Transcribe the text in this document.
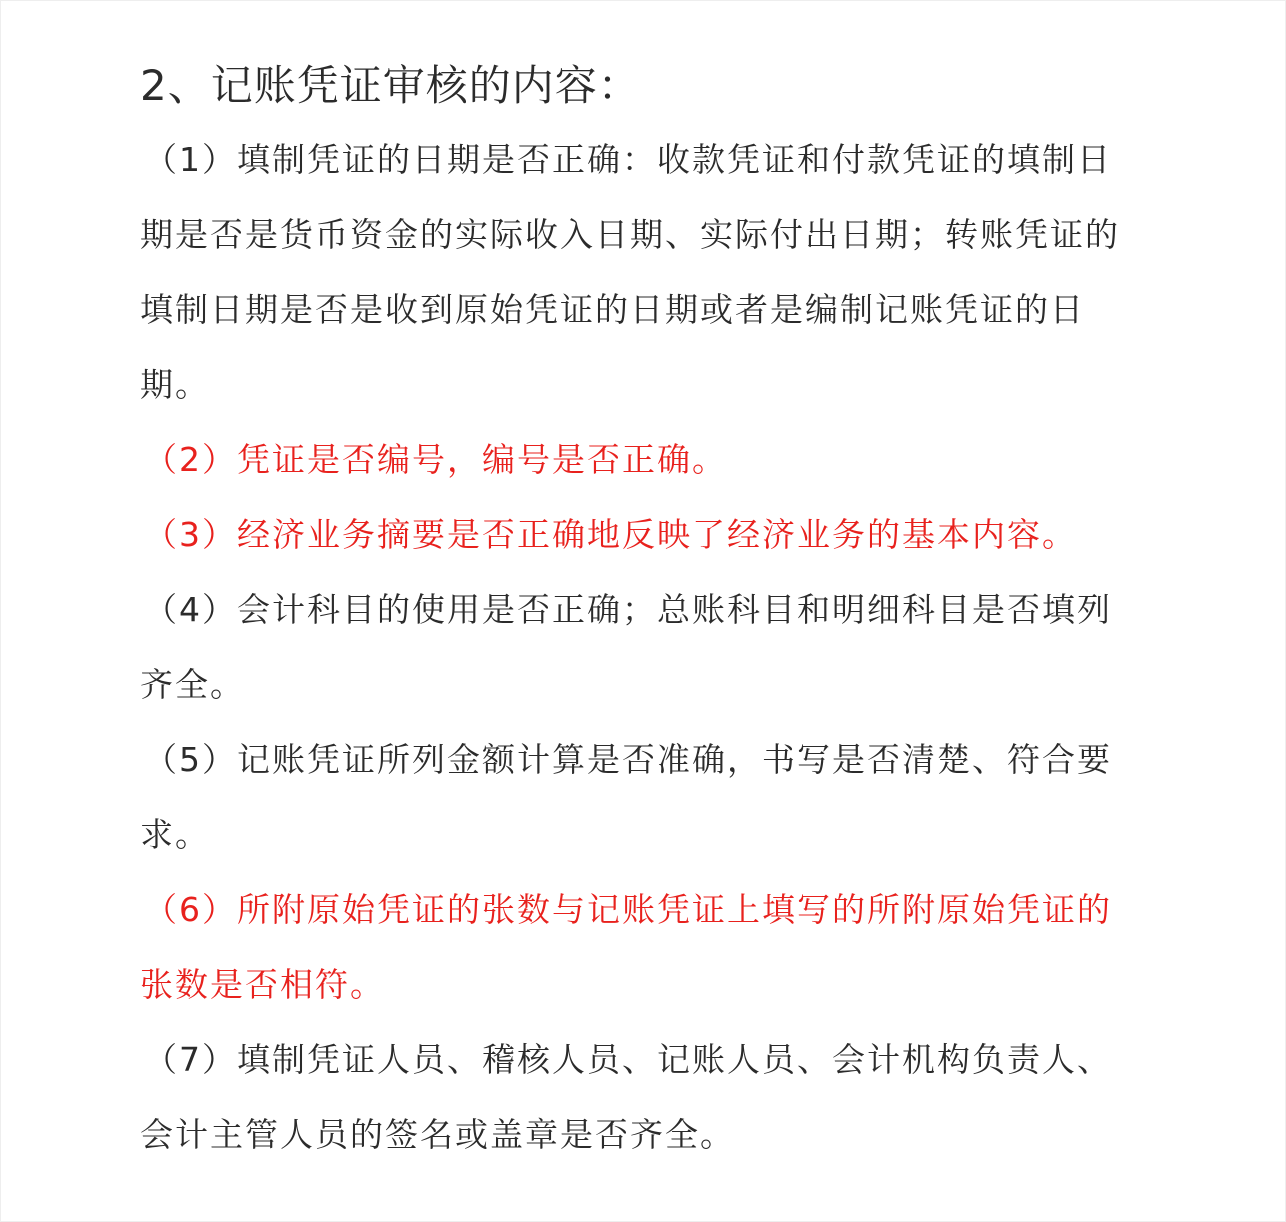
2、记账凭证审核的内容：
（1）填制凭证的日期是否正确：收款凭证和付款凭证的填制日
期是否是货币资金的实际收入日期、实际付出日期；转账凭证的
填制日期是否是收到原始凭证的日期或者是编制记账凭证的日
期。
（2）凭证是否编号，编号是否正确。
（3）经济业务摘要是否正确地反映了经济业务的基本内容。
（4）会计科目的使用是否正确；总账科目和明细科目是否填列
齐全。
（5）记账凭证所列金额计算是否准确，书写是否清楚、符合要
求。
（6）所附原始凭证的张数与记账凭证上填写的所附原始凭证的
张数是否相符。
（7）填制凭证人员、稽核人员、记账人员、会计机构负责人、
会计主管人员的签名或盖章是否齐全。
